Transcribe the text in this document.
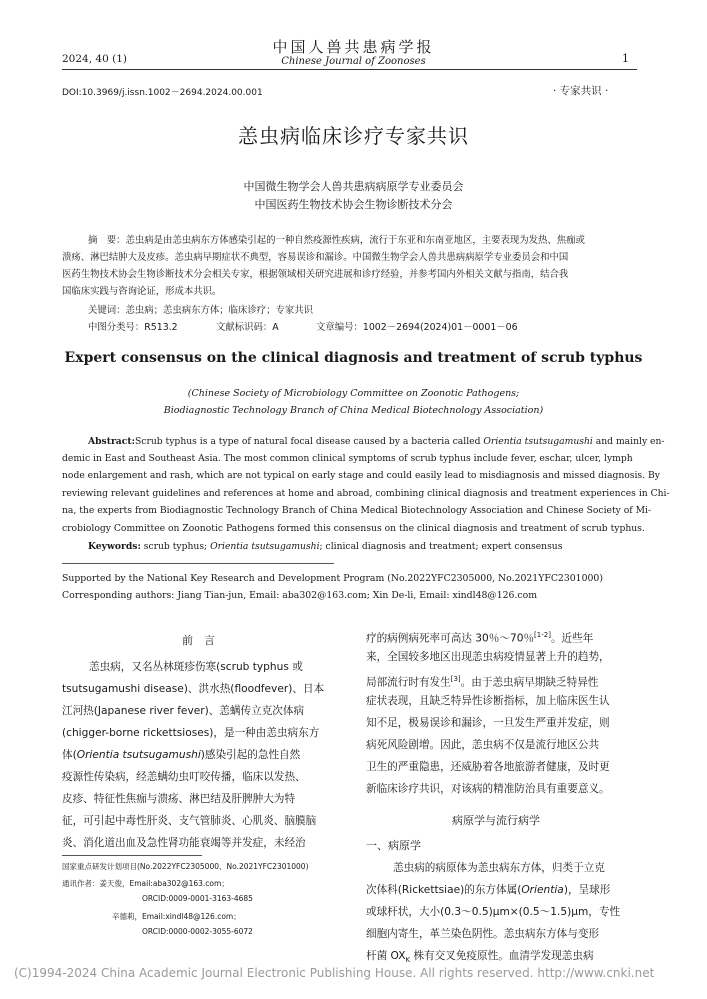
中国人兽共患病学报
Chinese Journal of Zoonoses
2024, 40 (1)	1
DOI:10.3969/j.issn.1002－2694.2024.00.001	· 专家共识 ·
恙虫病临床诊疗专家共识
中国微生物学会人兽共患病病原学专业委员会
中国医药生物技术协会生物诊断技术分会
摘　要：恙虫病是由恙虫病东方体感染引起的一种自然疫源性疾病，流行于东亚和东南亚地区，主要表现为发热、焦痂或
溃疡、淋巴结肿大及皮疹。恙虫病早期症状不典型，容易误诊和漏诊。中国微生物学会人兽共患病病原学专业委员会和中国
医药生物技术协会生物诊断技术分会相关专家，根据领域相关研究进展和诊疗经验，并参考国内外相关文献与指南，结合我
国临床实践与咨询论证，形成本共识。
关键词：恙虫病；恙虫病东方体；临床诊疗；专家共识
中图分类号：R513.2	文献标识码：A	文章编号：1002－2694(2024)01－0001－06
Expert consensus on the clinical diagnosis and treatment of scrub typhus
(Chinese Society of Microbiology Committee on Zoonotic Pathogens;
Biodiagnostic Technology Branch of China Medical Biotechnology Association)
Abstract:Scrub typhus is a type of natural focal disease caused by a bacteria called Orientia tsutsugamushi and mainly en-
demic in East and Southeast Asia. The most common clinical symptoms of scrub typhus include fever, eschar, ulcer, lymph
node enlargement and rash, which are not typical on early stage and could easily lead to misdiagnosis and missed diagnosis. By
reviewing relevant guidelines and references at home and abroad, combining clinical diagnosis and treatment experiences in Chi-
na, the experts from Biodiagnostic Technology Branch of China Medical Biotechnology Association and Chinese Society of Mi-
crobiology Committee on Zoonotic Pathogens formed this consensus on the clinical diagnosis and treatment of scrub typhus.
Keywords: scrub typhus; Orientia tsutsugamushi; clinical diagnosis and treatment; expert consensus
Supported by the National Key Research and Development Program (No.2022YFC2305000, No.2021YFC2301000)
Corresponding authors: Jiang Tian-jun, Email: aba302@163.com; Xin De-li, Email: xindl48@126.com
前　言
恙虫病，又名丛林斑疹伤寒(scrub typhus 或
tsutsugamushi disease)、洪水热(floodfever)、日本
江河热(Japanese river fever)、恙螨传立克次体病
(chigger-borne rickettsioses)，是一种由恙虫病东方
体(Orientia tsutsugamushi)感染引起的急性自然
疫源性传染病，经恙螨幼虫叮咬传播，临床以发热、
皮疹、特征性焦痂与溃疡、淋巴结及肝脾肿大为特
征，可引起中毒性肝炎、支气管肺炎、心肌炎、脑膜脑
炎、消化道出血及急性肾功能衰竭等并发症，未经治
国家重点研发计划项目(No.2022YFC2305000、No.2021YFC2301000)
通讯作者：姜天俊，Email:aba302@163.com；
ORCID:0009-0001-3163-4685
辛德莉，Email:xindl48@126.com；
ORCID:0000-0002-3055-6072
疗的病例病死率可高达 30％～70％[1-2]。近些年
来，全国较多地区出现恙虫病疫情显著上升的趋势，
局部流行时有发生[3]。由于恙虫病早期缺乏特异性
症状表现，且缺乏特异性诊断指标，加上临床医生认
知不足，极易误诊和漏诊，一旦发生严重并发症，则
病死风险剧增。因此，恙虫病不仅是流行地区公共
卫生的严重隐患，还威胁着各地旅游者健康，及时更
新临床诊疗共识，对该病的精准防治具有重要意义。
病原学与流行病学
一、病原学
恙虫病的病原体为恙虫病东方体，归类于立克
次体科(Rickettsiae)的东方体属(Orientia)，呈球形
或球杆状，大小(0.3～0.5)μm×(0.5～1.5)μm，专性
细胞内寄生，革兰染色阴性。恙虫病东方体与变形
杆菌 $OX_K$ 株有交叉免疫原性。血清学发现恙虫病
(C)1994-2024 China Academic Journal Electronic Publishing House. All rights reserved. http://www.cnki.net
